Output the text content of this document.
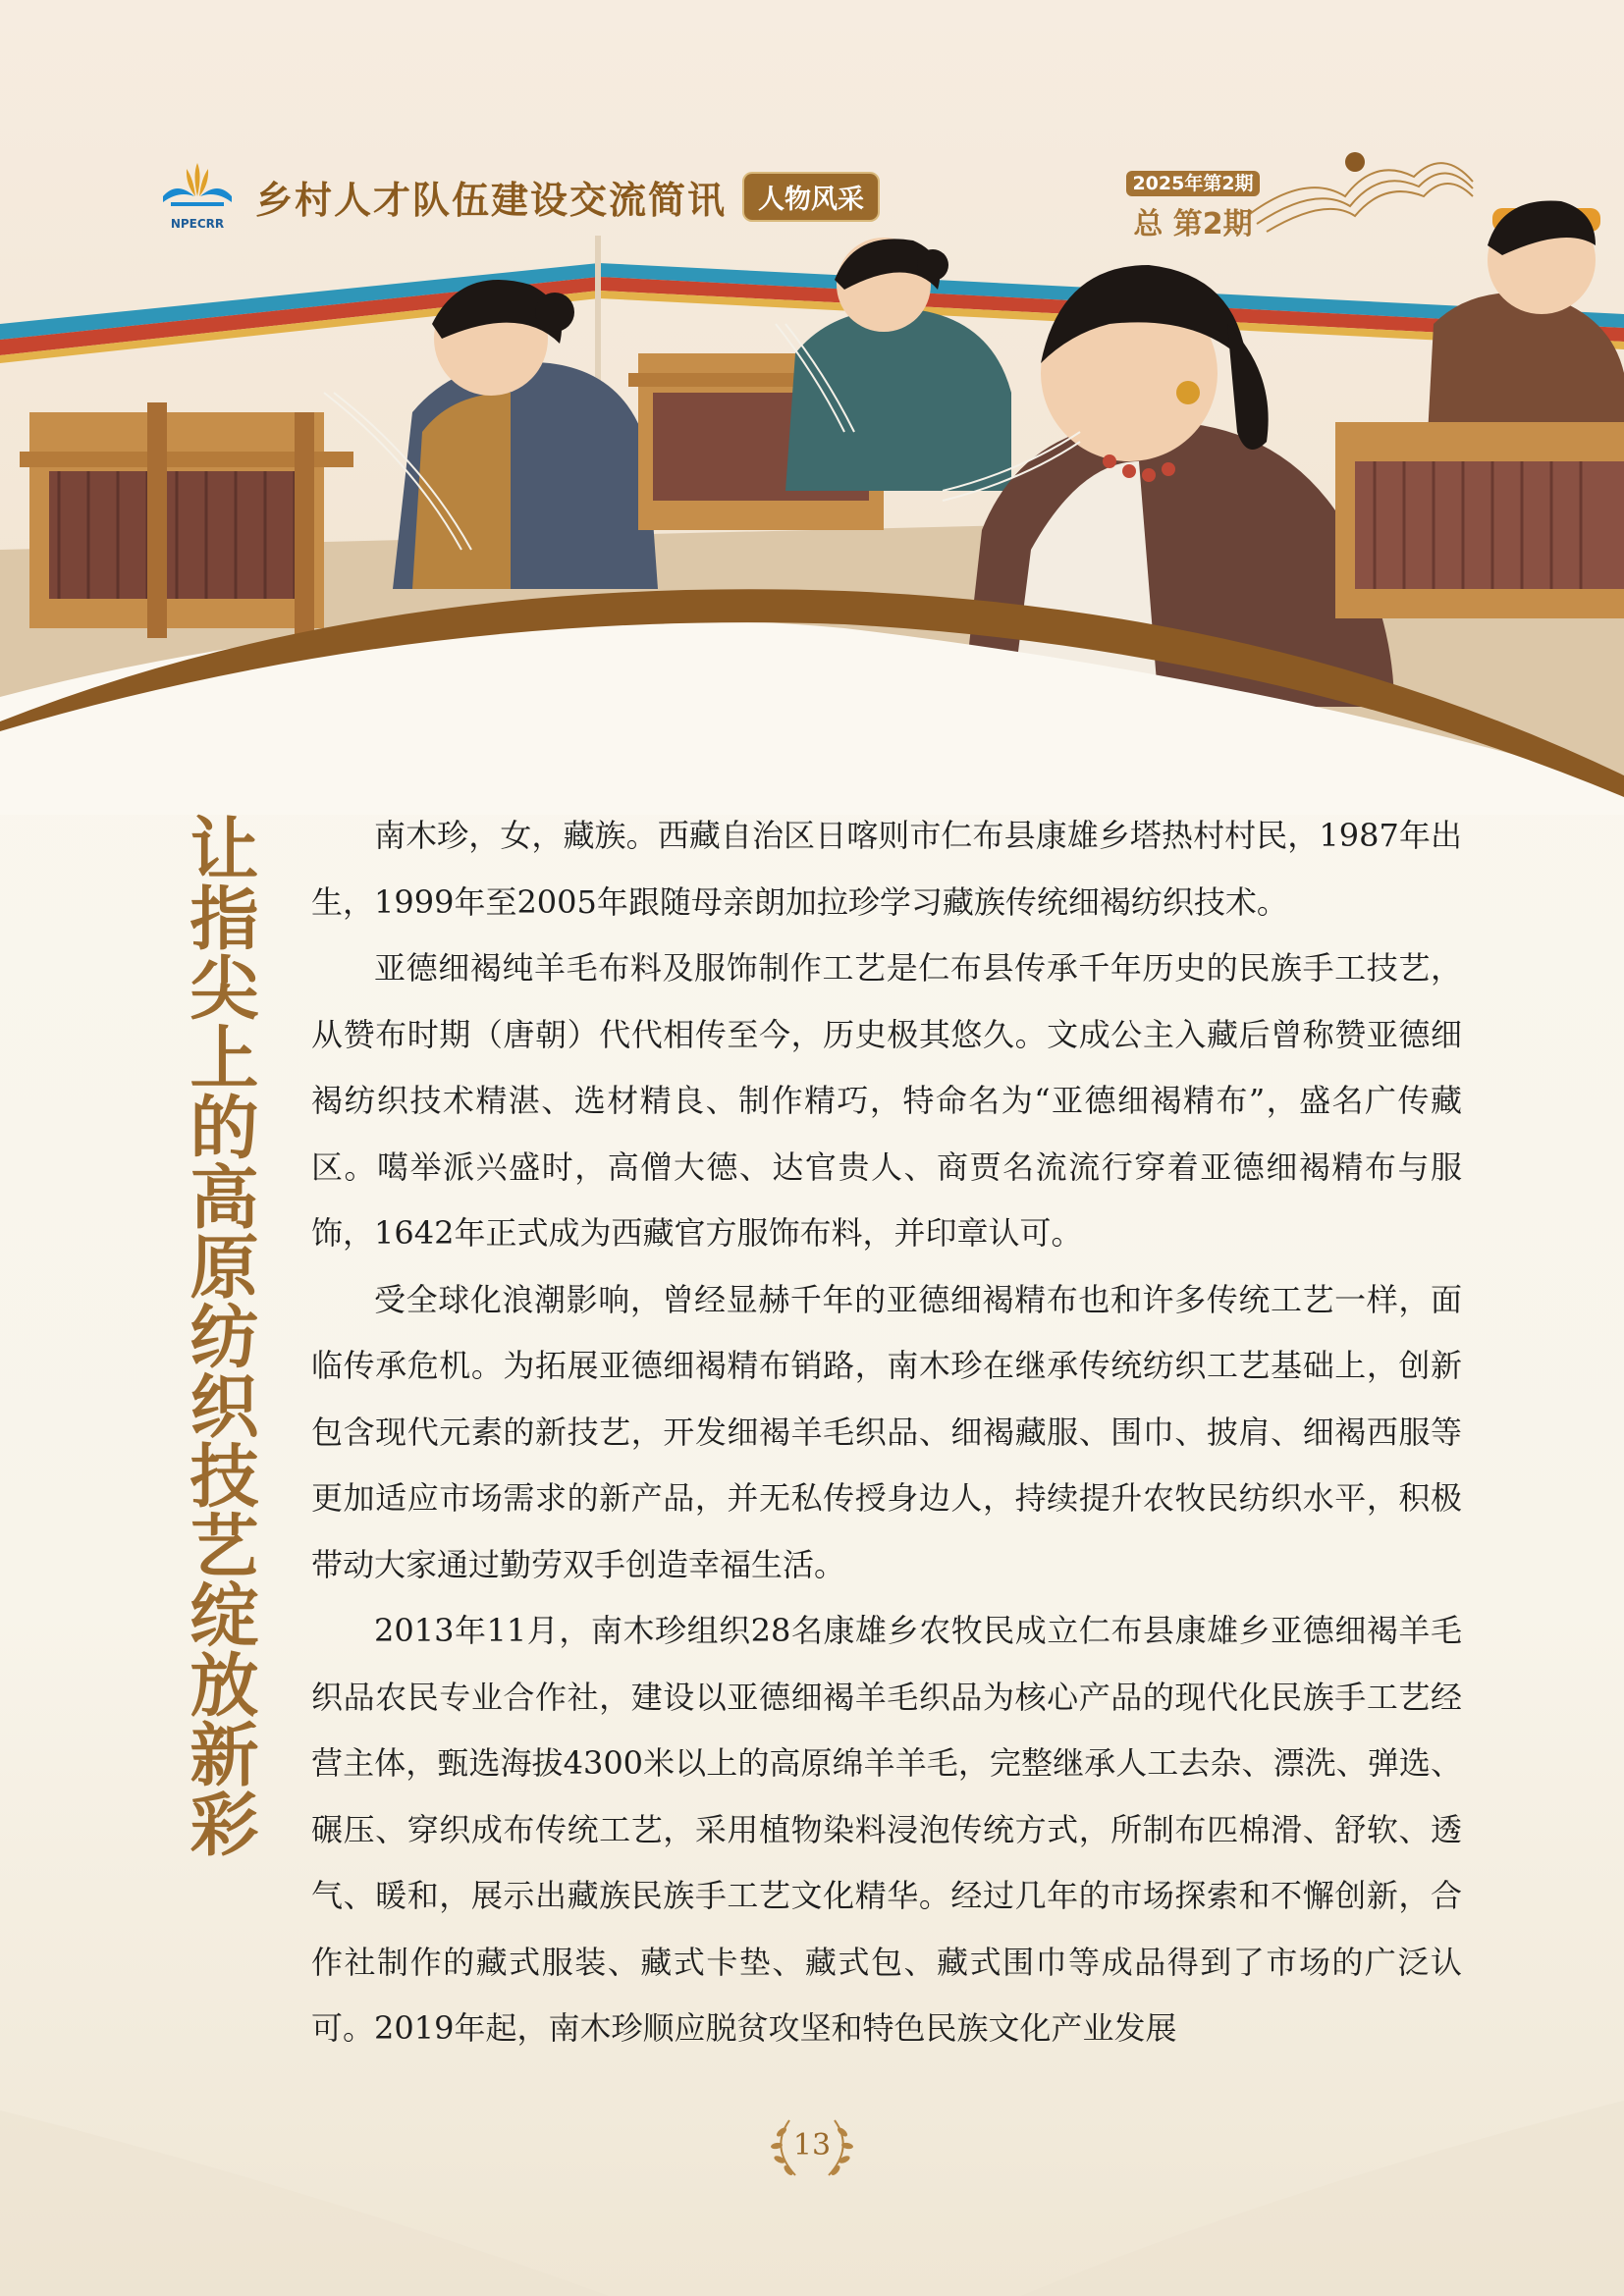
NPECRR
乡村人才队伍建设交流简讯	人物风采
2025年第2期
总 第2期
让指尖上的高原纺织技艺绽放新彩	南木珍，女，藏族。西藏自治区日喀则市仁布县康雄乡塔热村村民，1987年出生，1999年至2005年跟随母亲朗加拉珍学习藏族传统细褐纺织技术。

亚德细褐纯羊毛布料及服饰制作工艺是仁布县传承千年历史的民族手工技艺，从赞布时期（唐朝）代代相传至今，历史极其悠久。文成公主入藏后曾称赞亚德细褐纺织技术精湛、选材精良、制作精巧，特命名为“亚德细褐精布”，盛名广传藏区。噶举派兴盛时，高僧大德、达官贵人、商贾名流流行穿着亚德细褐精布与服饰，1642年正式成为西藏官方服饰布料，并印章认可。

受全球化浪潮影响，曾经显赫千年的亚德细褐精布也和许多传统工艺一样，面临传承危机。为拓展亚德细褐精布销路，南木珍在继承传统纺织工艺基础上，创新包含现代元素的新技艺，开发细褐羊毛织品、细褐藏服、围巾、披肩、细褐西服等更加适应市场需求的新产品，并无私传授身边人，持续提升农牧民纺织水平，积极带动大家通过勤劳双手创造幸福生活。

2013年11月，南木珍组织28名康雄乡农牧民成立仁布县康雄乡亚德细褐羊毛织品农民专业合作社，建设以亚德细褐羊毛织品为核心产品的现代化民族手工艺经营主体，甄选海拔4300米以上的高原绵羊羊毛，完整继承人工去杂、漂洗、弹选、碾压、穿织成布传统工艺，采用植物染料浸泡传统方式，所制布匹棉滑、舒软、透气、暖和，展示出藏族民族手工艺文化精华。经过几年的市场探索和不懈创新，合作社制作的藏式服装、藏式卡垫、藏式包、藏式围巾等成品得到了市场的广泛认可。2019年起，南木珍顺应脱贫攻坚和特色民族文化产业发展

13
